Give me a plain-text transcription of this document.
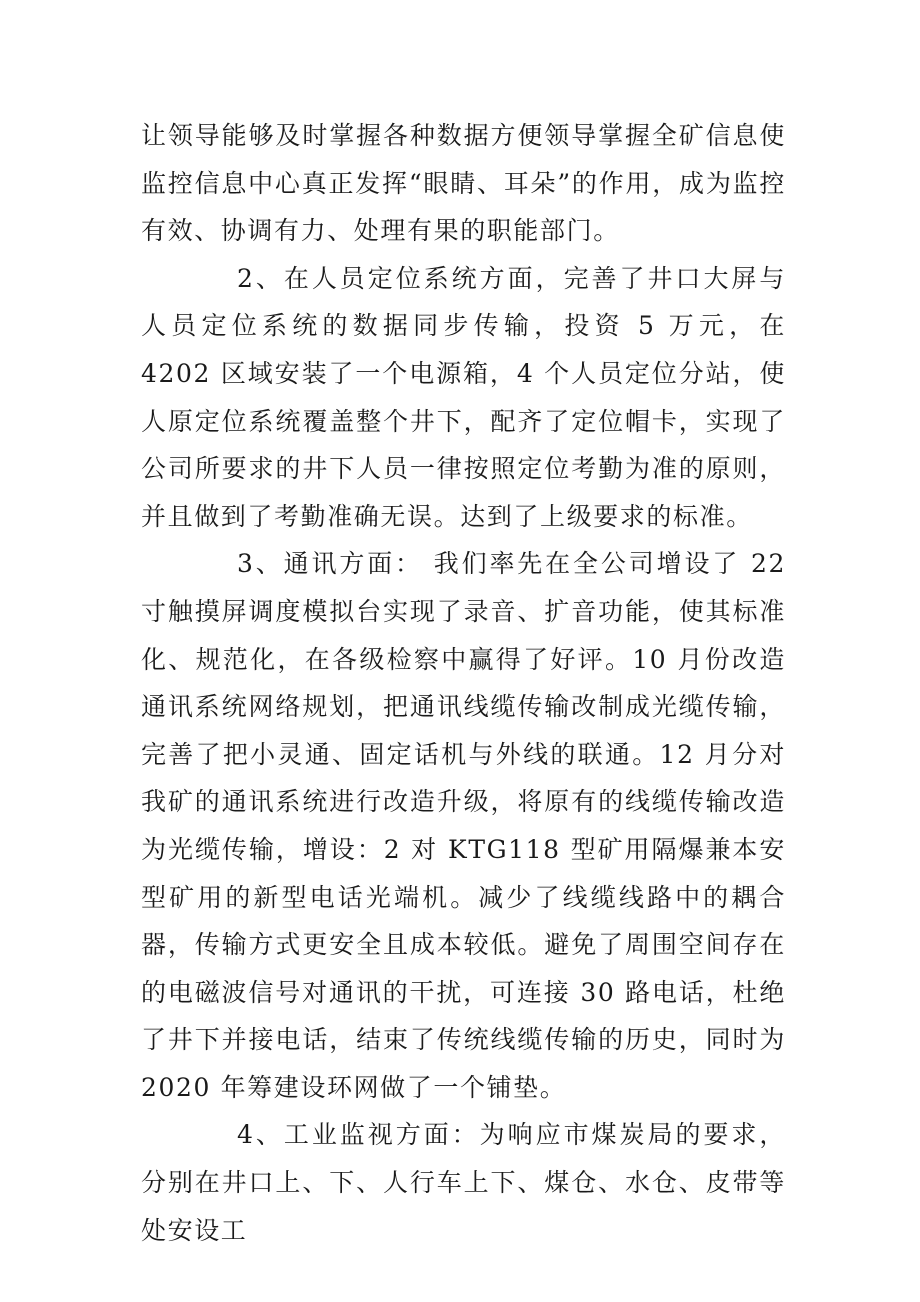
让领导能够及时掌握各种数据方便领导掌握全矿信息使监控信息中心真正发挥“眼睛、耳朵”的作用，成为监控有效、协调有力、处理有果的职能部门。

2、在人员定位系统方面，完善了井口大屏与人员定位系统的数据同步传输，投资 5 万元，在 4202 区域安装了一个电源箱，4 个人员定位分站，使人原定位系统覆盖整个井下，配齐了定位帽卡，实现了公司所要求的井下人员一律按照定位考勤为准的原则，并且做到了考勤准确无误。达到了上级要求的标准。

3、通讯方面： 我们率先在全公司增设了 22 寸触摸屏调度模拟台实现了录音、扩音功能，使其标准化、规范化，在各级检察中赢得了好评。10 月份改造通讯系统网络规划，把通讯线缆传输改制成光缆传输，完善了把小灵通、固定话机与外线的联通。12 月分对我矿的通讯系统进行改造升级，将原有的线缆传输改造为光缆传输，增设：2 对 KTG118 型矿用隔爆兼本安型矿用的新型电话光端机。减少了线缆线路中的耦合器，传输方式更安全且成本较低。避免了周围空间存在的电磁波信号对通讯的干扰，可连接 30 路电话，杜绝了井下并接电话，结束了传统线缆传输的历史，同时为 2020 年筹建设环网做了一个铺垫。

4、工业监视方面：为响应市煤炭局的要求，分别在井口上、下、人行车上下、煤仓、水仓、皮带等处安设工
